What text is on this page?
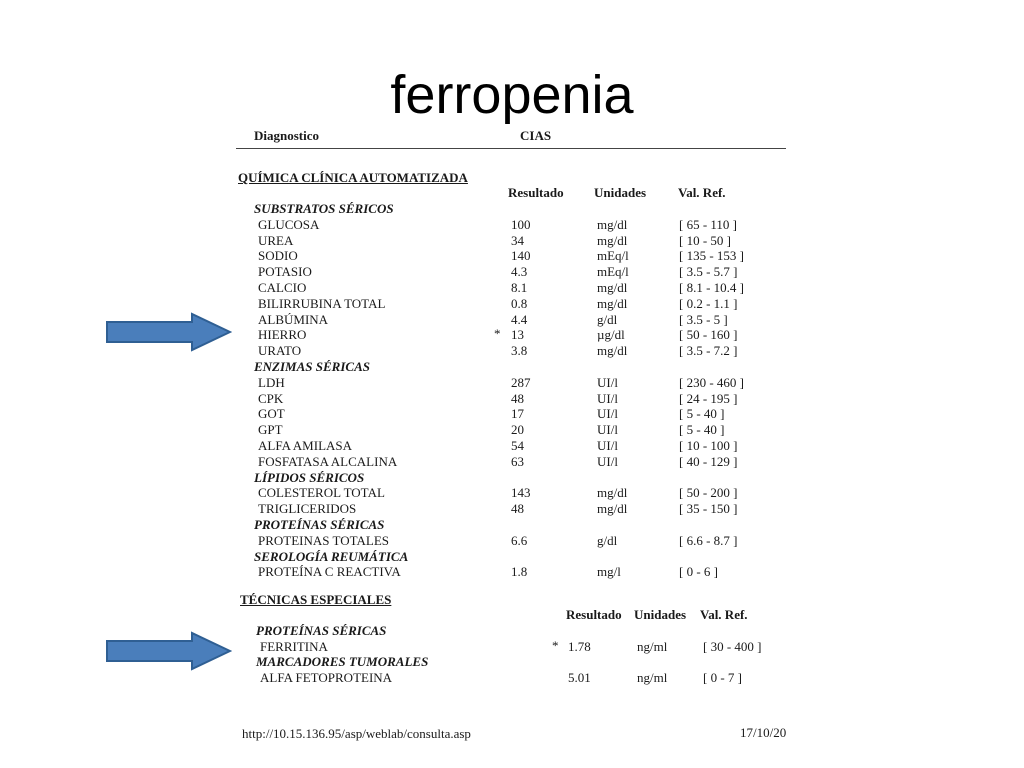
ferropenia
Diagnostico	CIAS
QUÍMICA CLÍNICA AUTOMATIZADA
Resultado Unidades Val. Ref.
TÉCNICAS ESPECIALES
Resultado Unidades Val. Ref.
http://10.15.136.95/asp/weblab/consulta.asp	17/10/20
SUBSTRATOS SÉRICOS
GLUCOSA	100	mg/dl	[ 65 - 110 ]
UREA	34	mg/dl	[ 10 - 50 ]
SODIO	140	mEq/l	[ 135 - 153 ]
POTASIO	4.3	mEq/l	[ 3.5 - 5.7 ]
CALCIO	8.1	mg/dl	[ 8.1 - 10.4 ]
BILIRRUBINA TOTAL	0.8	mg/dl	[ 0.2 - 1.1 ]
ALBÚMINA	4.4	g/dl	[ 3.5 - 5 ]
HIERRO	* 13	µg/dl	[ 50 - 160 ]
URATO	3.8	mg/dl	[ 3.5 - 7.2 ]
ENZIMAS SÉRICAS
LDH	287	UI/l	[ 230 - 460 ]
CPK	48	UI/l	[ 24 - 195 ]
GOT	17	UI/l	[ 5 - 40 ]
GPT	20	UI/l	[ 5 - 40 ]
ALFA AMILASA	54	UI/l	[ 10 - 100 ]
FOSFATASA ALCALINA	63	UI/l	[ 40 - 129 ]
LÍPIDOS SÉRICOS
COLESTEROL TOTAL	143	mg/dl	[ 50 - 200 ]
TRIGLICERIDOS	48	mg/dl	[ 35 - 150 ]
PROTEÍNAS SÉRICAS
PROTEINAS TOTALES	6.6	g/dl	[ 6.6 - 8.7 ]
SEROLOGÍA REUMÁTICA
PROTEÍNA C REACTIVA	1.8	mg/l	[ 0 - 6 ]
PROTEÍNAS SÉRICAS
FERRITINA	* 1.78	ng/ml	[ 30 - 400 ]
MARCADORES TUMORALES
ALFA FETOPROTEINA	5.01	ng/ml	[ 0 - 7 ]
